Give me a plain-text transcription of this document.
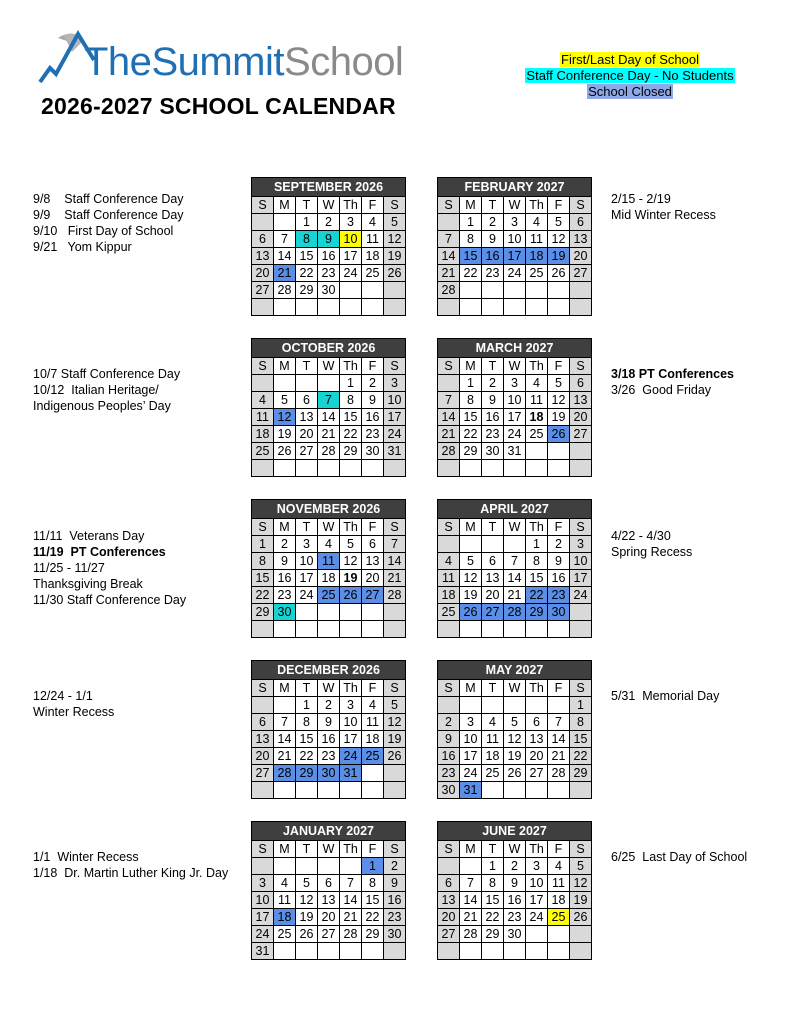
TheSummitSchool
2026-2027 SCHOOL CALENDAR
First/Last Day of School
Staff Conference Day - No Students
School Closed
SEPTEMBER 2026						
S	M	T	W	Th	F	S
		1	2	3	4	5
6	7	8	9	10	11	12
13	14	15	16	17	18	19
20	21	22	23	24	25	26
27	28	29	30			

FEBRUARY 2027						
S	M	T	W	Th	F	S
	1	2	3	4	5	6
7	8	9	10	11	12	13
14	15	16	17	18	19	20
21	22	23	24	25	26	27
28						

OCTOBER 2026						
S	M	T	W	Th	F	S
				1	2	3
4	5	6	7	8	9	10
11	12	13	14	15	16	17
18	19	20	21	22	23	24
25	26	27	28	29	30	31

MARCH 2027						
S	M	T	W	Th	F	S
	1	2	3	4	5	6
7	8	9	10	11	12	13
14	15	16	17	18	19	20
21	22	23	24	25	26	27
28	29	30	31			

NOVEMBER 2026						
S	M	T	W	Th	F	S
1	2	3	4	5	6	7
8	9	10	11	12	13	14
15	16	17	18	19	20	21
22	23	24	25	26	27	28
29	30					

APRIL 2027						
S	M	T	W	Th	F	S
				1	2	3
4	5	6	7	8	9	10
11	12	13	14	15	16	17
18	19	20	21	22	23	24
25	26	27	28	29	30	

DECEMBER 2026						
S	M	T	W	Th	F	S
		1	2	3	4	5
6	7	8	9	10	11	12
13	14	15	16	17	18	19
20	21	22	23	24	25	26
27	28	29	30	31		

MAY 2027						
S	M	T	W	Th	F	S
						1
2	3	4	5	6	7	8
9	10	11	12	13	14	15
16	17	18	19	20	21	22
23	24	25	26	27	28	29
30	31					
JANUARY 2027						
S	M	T	W	Th	F	S
					1	2
3	4	5	6	7	8	9
10	11	12	13	14	15	16
17	18	19	20	21	22	23
24	25	26	27	28	29	30
31						
JUNE 2027						
S	M	T	W	Th	F	S
		1	2	3	4	5
6	7	8	9	10	11	12
13	14	15	16	17	18	19
20	21	22	23	24	25	26
27	28	29	30			

9/8    Staff Conference Day
9/9    Staff Conference Day
9/10   First Day of School
9/21   Yom Kippur
2/15 - 2/19
Mid Winter Recess
10/7 Staff Conference Day
10/12  Italian Heritage/
Indigenous Peoples’ Day
3/18 PT Conferences
3/26  Good Friday
11/11  Veterans Day
11/19  PT Conferences
11/25 - 11/27
Thanksgiving Break
11/30 Staff Conference Day
4/22 - 4/30
Spring Recess
12/24 - 1/1
Winter Recess
5/31  Memorial Day
1/1  Winter Recess
1/18  Dr. Martin Luther King Jr. Day
6/25  Last Day of School
